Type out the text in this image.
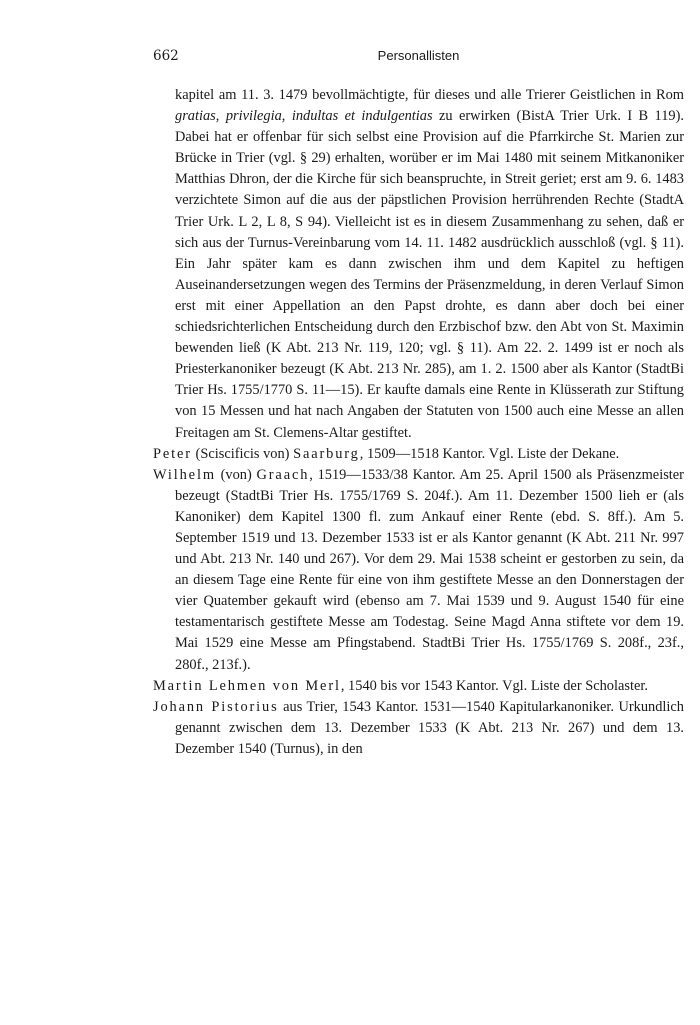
662	Personallisten

kapitel am 11. 3. 1479 bevollmächtigte, für dieses und alle Trierer Geistlichen in Rom gratias, privilegia, indultas et indulgentias zu erwirken (BistA Trier Urk. I B 119). Dabei hat er offenbar für sich selbst eine Provision auf die Pfarrkirche St. Marien zur Brücke in Trier (vgl. § 29) erhalten, worüber er im Mai 1480 mit seinem Mitkanoniker Matthias Dhron, der die Kirche für sich beanspruchte, in Streit geriet; erst am 9. 6. 1483 verzichtete Simon auf die aus der päpstlichen Provision herrührenden Rechte (StadtA Trier Urk. L 2, L 8, S 94). Vielleicht ist es in diesem Zusammenhang zu sehen, daß er sich aus der Turnus-Vereinbarung vom 14. 11. 1482 ausdrücklich ausschloß (vgl. § 11). Ein Jahr später kam es dann zwischen ihm und dem Kapitel zu heftigen Auseinandersetzungen wegen des Termins der Präsenzmeldung, in deren Verlauf Simon erst mit einer Appellation an den Papst drohte, es dann aber doch bei einer schiedsrichterlichen Entscheidung durch den Erzbischof bzw. den Abt von St. Maximin bewenden ließ (K Abt. 213 Nr. 119, 120; vgl. § 11). Am 22. 2. 1499 ist er noch als Priesterkanoniker bezeugt (K Abt. 213 Nr. 285), am 1. 2. 1500 aber als Kantor (StadtBi Trier Hs. 1755/1770 S. 11—15). Er kaufte damals eine Rente in Klüsserath zur Stiftung von 15 Messen und hat nach Angaben der Statuten von 1500 auch eine Messe an allen Freitagen am St. Clemens-Altar gestiftet.

Peter (Sciscificis von) Saarburg, 1509—1518 Kantor. Vgl. Liste der Dekane.

Wilhelm (von) Graach, 1519—1533/38 Kantor. Am 25. April 1500 als Präsenzmeister bezeugt (StadtBi Trier Hs. 1755/1769 S. 204f.). Am 11. Dezember 1500 lieh er (als Kanoniker) dem Kapitel 1300 fl. zum Ankauf einer Rente (ebd. S. 8ff.). Am 5. September 1519 und 13. Dezember 1533 ist er als Kantor genannt (K Abt. 211 Nr. 997 und Abt. 213 Nr. 140 und 267). Vor dem 29. Mai 1538 scheint er gestorben zu sein, da an diesem Tage eine Rente für eine von ihm gestiftete Messe an den Donnerstagen der vier Quatember gekauft wird (ebenso am 7. Mai 1539 und 9. August 1540 für eine testamentarisch gestiftete Messe am Todestag. Seine Magd Anna stiftete vor dem 19. Mai 1529 eine Messe am Pfingstabend. StadtBi Trier Hs. 1755/1769 S. 208f., 23f., 280f., 213f.).

Martin Lehmen von Merl, 1540 bis vor 1543 Kantor. Vgl. Liste der Scholaster.

Johann Pistorius aus Trier, 1543 Kantor. 1531—1540 Kapitularkanoniker. Urkundlich genannt zwischen dem 13. Dezember 1533 (K Abt. 213 Nr. 267) und dem 13. Dezember 1540 (Turnus), in den
